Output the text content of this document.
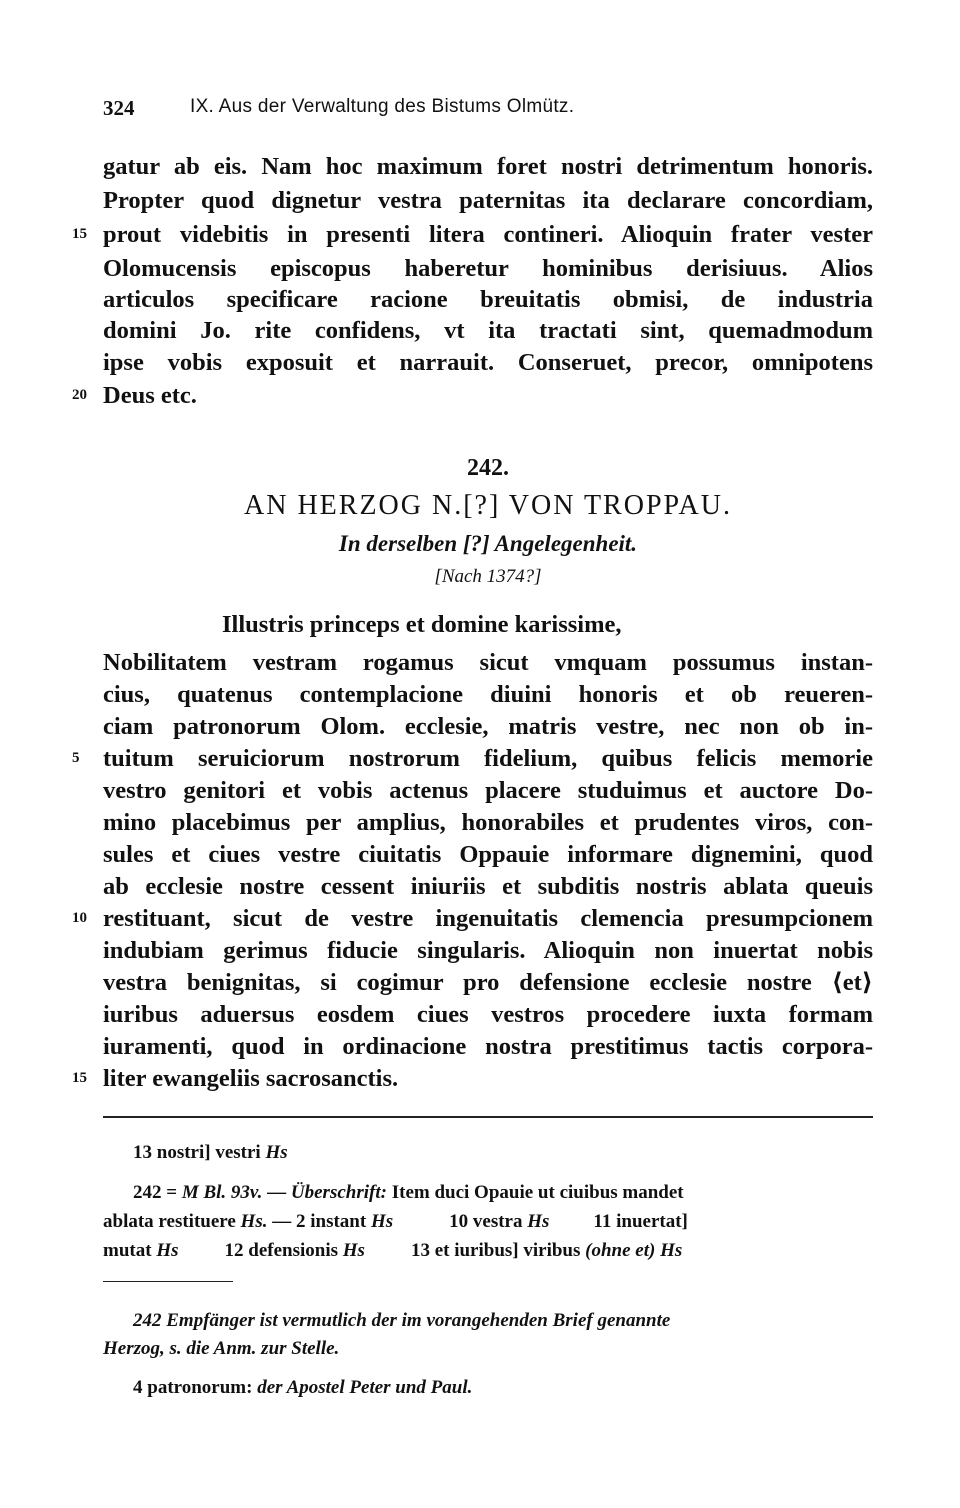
324	IX. Aus der Verwaltung des Bistums Olmütz.
gatur ab eis. Nam hoc maximum foret nostri detrimentum honoris.
Propter quod dignetur vestra paternitas ita declarare concordiam,
15 prout videbitis in presenti litera contineri. Alioquin frater vester
Olomucensis episcopus haberetur hominibus derisiuus. Alios
articulos specificare racione breuitatis obmisi, de industria
domini Jo. rite confidens, vt ita tractati sint, quemadmodum
ipse vobis exposuit et narrauit. Conseruet, precor, omnipotens
20 Deus etc.
242.
AN HERZOG N.[?] VON TROPPAU.
In derselben [?] Angelegenheit.
[Nach 1374?]
Illustris princeps et domine karissime,
Nobilitatem vestram rogamus sicut vmquam possumus instan-
cius, quatenus contemplacione diuini honoris et ob reueren-
ciam patronorum Olom. ecclesie, matris vestre, nec non ob in-
5 tuitum seruiciorum nostrorum fidelium, quibus felicis memorie
vestro genitori et vobis actenus placere studuimus et auctore Do-
mino placebimus per amplius, honorabiles et prudentes viros, con-
sules et ciues vestre ciuitatis Oppauie informare dignemini, quod
ab ecclesie nostre cessent iniuriis et subditis nostris ablata queuis
10 restituant, sicut de vestre ingenuitatis clemencia presumpcionem
indubiam gerimus fiducie singularis. Alioquin non inuertat nobis
vestra benignitas, si cogimur pro defensione ecclesie nostre ⟨et⟩
iuribus aduersus eosdem ciues vestros procedere iuxta formam
iuramenti, quod in ordinacione nostra prestitimus tactis corpora-
15 liter ewangeliis sacrosanctis.
13 nostri] vestri Hs
242 = M Bl. 93v. — Überschrift: Item duci Opauie ut ciuibus mandet
ablata restituere Hs. — 2 instant Hs	10 vestra Hs 11 inuertat]
mutat Hs 12 defensionis Hs 13 et iuribus] viribus (ohne et) Hs
242 Empfänger ist vermutlich der im vorangehenden Brief genannte
Herzog, s. die Anm. zur Stelle.
4 patronorum: der Apostel Peter und Paul.
